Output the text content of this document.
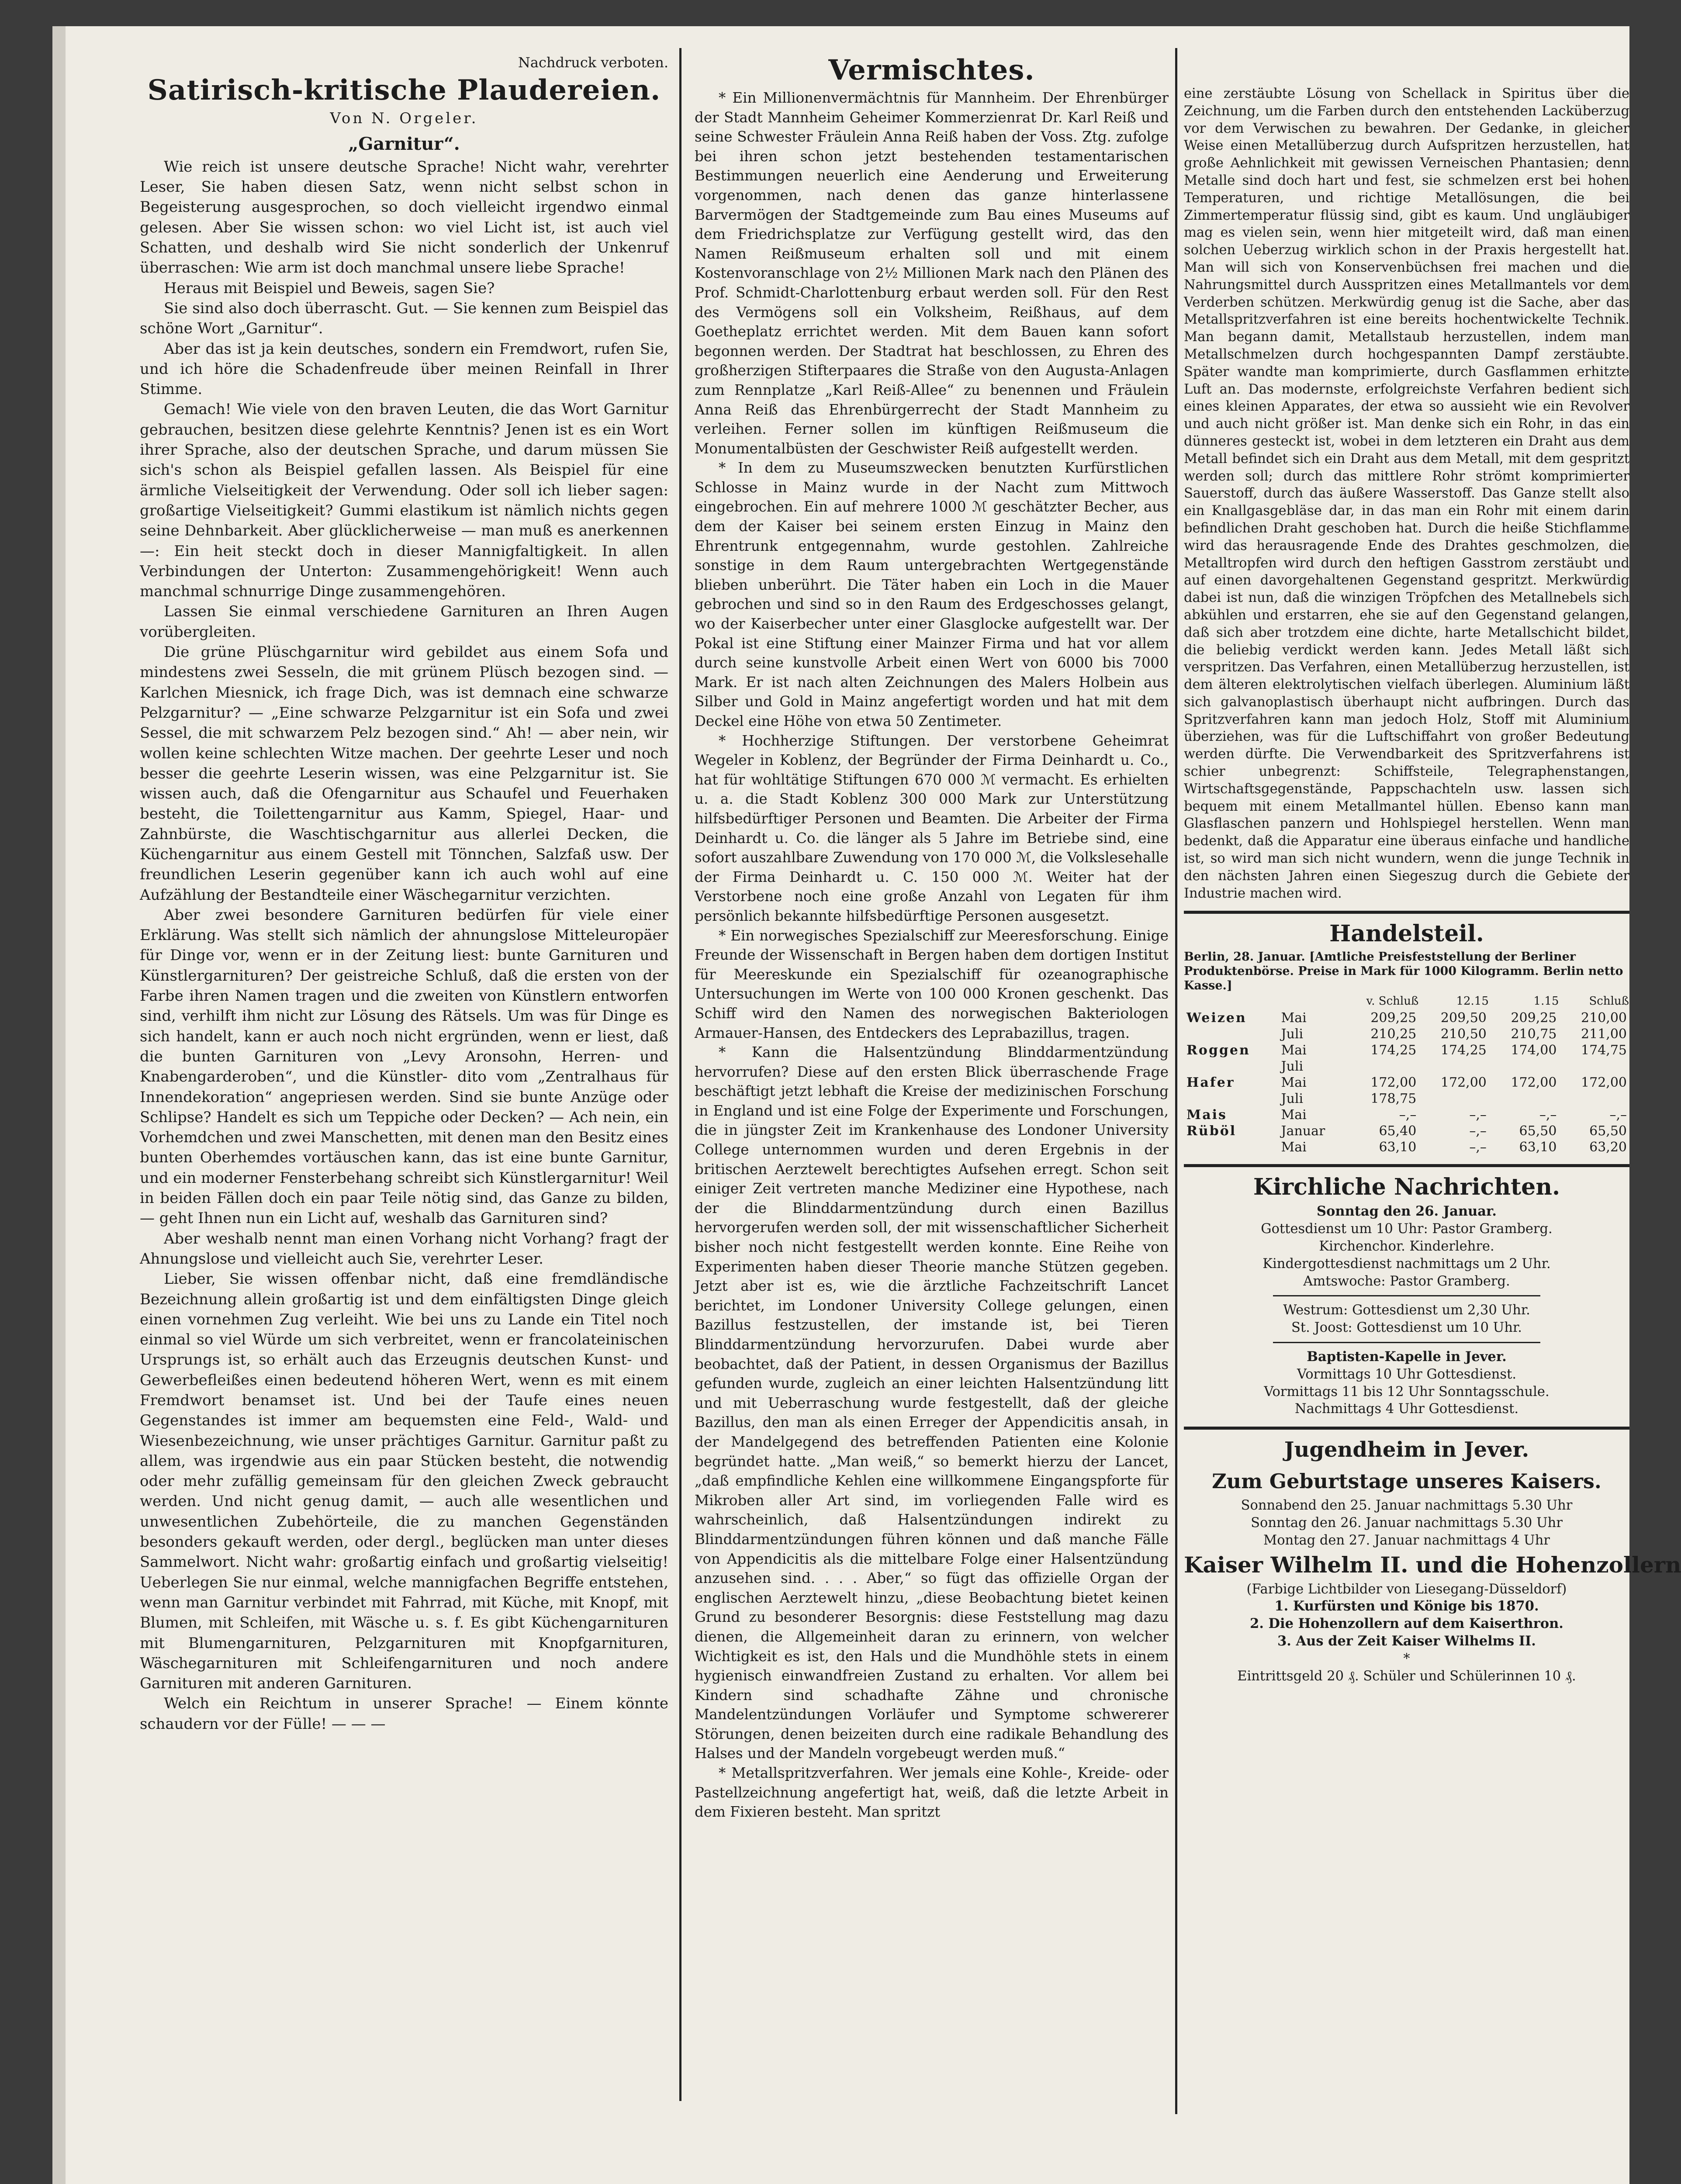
Nachdruck verboten.
Satirisch-kritische Plaudereien.
Von N. Orgeler.
„Garnitur“.

Wie reich ist unsere deutsche Sprache! Nicht wahr, verehrter Leser, Sie haben diesen Satz, wenn nicht selbst schon in Begeisterung ausgesprochen, so doch vielleicht irgendwo einmal gelesen. Aber Sie wissen schon: wo viel Licht ist, ist auch viel Schatten, und deshalb wird Sie nicht sonderlich der Unkenruf überraschen: Wie arm ist doch manchmal unsere liebe Sprache!

Heraus mit Beispiel und Beweis, sagen Sie?

Sie sind also doch überrascht. Gut. — Sie kennen zum Beispiel das schöne Wort „Garnitur“.

Aber das ist ja kein deutsches, sondern ein Fremdwort, rufen Sie, und ich höre die Schadenfreude über meinen Reinfall in Ihrer Stimme.

Gemach! Wie viele von den braven Leuten, die das Wort Garnitur gebrauchen, besitzen diese gelehrte Kenntnis? Jenen ist es ein Wort ihrer Sprache, also der deutschen Sprache, und darum müssen Sie sich's schon als Beispiel gefallen lassen. Als Beispiel für eine ärmliche Vielseitigkeit der Verwendung. Oder soll ich lieber sagen: großartige Vielseitigkeit? Gummi elastikum ist nämlich nichts gegen seine Dehnbarkeit. Aber glücklicherweise — man muß es anerkennen —: Ein heit steckt doch in dieser Mannigfaltigkeit. In allen Verbindungen der Unterton: Zusammengehörigkeit! Wenn auch manchmal schnurrige Dinge zusammengehören.

Lassen Sie einmal verschiedene Garnituren an Ihren Augen vorübergleiten.

Die grüne Plüschgarnitur wird gebildet aus einem Sofa und mindestens zwei Sesseln, die mit grünem Plüsch bezogen sind. — Karlchen Miesnick, ich frage Dich, was ist demnach eine schwarze Pelzgarnitur? — „Eine schwarze Pelzgarnitur ist ein Sofa und zwei Sessel, die mit schwarzem Pelz bezogen sind.“ Ah! — aber nein, wir wollen keine schlechten Witze machen. Der geehrte Leser und noch besser die geehrte Leserin wissen, was eine Pelzgarnitur ist. Sie wissen auch, daß die Ofengarnitur aus Schaufel und Feuerhaken besteht, die Toilettengarnitur aus Kamm, Spiegel, Haar- und Zahnbürste, die Waschtischgarnitur aus allerlei Decken, die Küchengarnitur aus einem Gestell mit Tönnchen, Salzfaß usw. Der freundlichen Leserin gegenüber kann ich auch wohl auf eine Aufzählung der Bestandteile einer Wäschegarnitur verzichten.

Aber zwei besondere Garnituren bedürfen für viele einer Erklärung. Was stellt sich nämlich der ahnungslose Mitteleuropäer für Dinge vor, wenn er in der Zeitung liest: bunte Garnituren und Künstlergarnituren? Der geistreiche Schluß, daß die ersten von der Farbe ihren Namen tragen und die zweiten von Künstlern entworfen sind, verhilft ihm nicht zur Lösung des Rätsels. Um was für Dinge es sich handelt, kann er auch noch nicht ergründen, wenn er liest, daß die bunten Garnituren von „Levy Aronsohn, Herren- und Knabengarderoben“, und die Künstler- dito vom „Zentralhaus für Innendekoration“ angepriesen werden. Sind sie bunte Anzüge oder Schlipse? Handelt es sich um Teppiche oder Decken? — Ach nein, ein Vorhemdchen und zwei Manschetten, mit denen man den Besitz eines bunten Oberhemdes vortäuschen kann, das ist eine bunte Garnitur, und ein moderner Fensterbehang schreibt sich Künstlergarnitur! Weil in beiden Fällen doch ein paar Teile nötig sind, das Ganze zu bilden, — geht Ihnen nun ein Licht auf, weshalb das Garnituren sind?

Aber weshalb nennt man einen Vorhang nicht Vorhang? fragt der Ahnungslose und vielleicht auch Sie, verehrter Leser.

Lieber, Sie wissen offenbar nicht, daß eine fremdländische Bezeichnung allein großartig ist und dem einfältigsten Dinge gleich einen vornehmen Zug verleiht. Wie bei uns zu Lande ein Titel noch einmal so viel Würde um sich verbreitet, wenn er francolateinischen Ursprungs ist, so erhält auch das Erzeugnis deutschen Kunst- und Gewerbefleißes einen bedeutend höheren Wert, wenn es mit einem Fremdwort benamset ist. Und bei der Taufe eines neuen Gegenstandes ist immer am bequemsten eine Feld-, Wald- und Wiesenbezeichnung, wie unser prächtiges Garnitur. Garnitur paßt zu allem, was irgendwie aus ein paar Stücken besteht, die notwendig oder mehr zufällig gemeinsam für den gleichen Zweck gebraucht werden. Und nicht genug damit, — auch alle wesentlichen und unwesentlichen Zubehörteile, die zu manchen Gegenständen besonders gekauft werden, oder dergl., beglücken man unter dieses Sammelwort. Nicht wahr: großartig einfach und großartig vielseitig! Ueberlegen Sie nur einmal, welche mannigfachen Begriffe entstehen, wenn man Garnitur verbindet mit Fahrrad, mit Küche, mit Knopf, mit Blumen, mit Schleifen, mit Wäsche u. s. f. Es gibt Küchengarnituren mit Blumengarnituren, Pelzgarnituren mit Knopfgarnituren, Wäschegarnituren mit Schleifengarnituren und noch andere Garnituren mit anderen Garnituren.

Welch ein Reichtum in unserer Sprache! — Einem könnte schaudern vor der Fülle! — — —

Vermischtes.

* Ein Millionenvermächtnis für Mannheim. Der Ehrenbürger der Stadt Mannheim Geheimer Kommerzienrat Dr. Karl Reiß und seine Schwester Fräulein Anna Reiß haben der Voss. Ztg. zufolge bei ihren schon jetzt bestehenden testamentarischen Bestimmungen neuerlich eine Aenderung und Erweiterung vorgenommen, nach denen das ganze hinterlassene Barvermögen der Stadtgemeinde zum Bau eines Museums auf dem Friedrichsplatze zur Verfügung gestellt wird, das den Namen Reißmuseum erhalten soll und mit einem Kostenvoranschlage von 2½ Millionen Mark nach den Plänen des Prof. Schmidt-Charlottenburg erbaut werden soll. Für den Rest des Vermögens soll ein Volksheim, Reißhaus, auf dem Goetheplatz errichtet werden. Mit dem Bauen kann sofort begonnen werden. Der Stadtrat hat beschlossen, zu Ehren des großherzigen Stifterpaares die Straße von den Augusta-Anlagen zum Rennplatze „Karl Reiß-Allee“ zu benennen und Fräulein Anna Reiß das Ehrenbürgerrecht der Stadt Mannheim zu verleihen. Ferner sollen im künftigen Reißmuseum die Monumentalbüsten der Geschwister Reiß aufgestellt werden.

* In dem zu Museumszwecken benutzten Kurfürstlichen Schlosse in Mainz wurde in der Nacht zum Mittwoch eingebrochen. Ein auf mehrere 1000 ℳ geschätzter Becher, aus dem der Kaiser bei seinem ersten Einzug in Mainz den Ehrentrunk entgegennahm, wurde gestohlen. Zahlreiche sonstige in dem Raum untergebrachten Wertgegenstände blieben unberührt. Die Täter haben ein Loch in die Mauer gebrochen und sind so in den Raum des Erdgeschosses gelangt, wo der Kaiserbecher unter einer Glasglocke aufgestellt war. Der Pokal ist eine Stiftung einer Mainzer Firma und hat vor allem durch seine kunstvolle Arbeit einen Wert von 6000 bis 7000 Mark. Er ist nach alten Zeichnungen des Malers Holbein aus Silber und Gold in Mainz angefertigt worden und hat mit dem Deckel eine Höhe von etwa 50 Zentimeter.

* Hochherzige Stiftungen. Der verstorbene Geheimrat Wegeler in Koblenz, der Begründer der Firma Deinhardt u. Co., hat für wohltätige Stiftungen 670 000 ℳ vermacht. Es erhielten u. a. die Stadt Koblenz 300 000 Mark zur Unterstützung hilfsbedürftiger Personen und Beamten. Die Arbeiter der Firma Deinhardt u. Co. die länger als 5 Jahre im Betriebe sind, eine sofort auszahlbare Zuwendung von 170 000 ℳ, die Volkslesehalle der Firma Deinhardt u. C. 150 000 ℳ. Weiter hat der Verstorbene noch eine große Anzahl von Legaten für ihm persönlich bekannte hilfsbedürftige Personen ausgesetzt.

* Ein norwegisches Spezialschiff zur Meeresforschung. Einige Freunde der Wissenschaft in Bergen haben dem dortigen Institut für Meereskunde ein Spezialschiff für ozeanographische Untersuchungen im Werte von 100 000 Kronen geschenkt. Das Schiff wird den Namen des norwegischen Bakteriologen Armauer-Hansen, des Entdeckers des Leprabazillus, tragen.

* Kann die Halsentzündung Blinddarmentzündung hervorrufen? Diese auf den ersten Blick überraschende Frage beschäftigt jetzt lebhaft die Kreise der medizinischen Forschung in England und ist eine Folge der Experimente und Forschungen, die in jüngster Zeit im Krankenhause des Londoner University College unternommen wurden und deren Ergebnis in der britischen Aerztewelt berechtigtes Aufsehen erregt. Schon seit einiger Zeit vertreten manche Mediziner eine Hypothese, nach der die Blinddarmentzündung durch einen Bazillus hervorgerufen werden soll, der mit wissenschaftlicher Sicherheit bisher noch nicht festgestellt werden konnte. Eine Reihe von Experimenten haben dieser Theorie manche Stützen gegeben. Jetzt aber ist es, wie die ärztliche Fachzeitschrift Lancet berichtet, im Londoner University College gelungen, einen Bazillus festzustellen, der imstande ist, bei Tieren Blinddarmentzündung hervorzurufen. Dabei wurde aber beobachtet, daß der Patient, in dessen Organismus der Bazillus gefunden wurde, zugleich an einer leichten Halsentzündung litt und mit Ueberraschung wurde festgestellt, daß der gleiche Bazillus, den man als einen Erreger der Appendicitis ansah, in der Mandelgegend des betreffenden Patienten eine Kolonie begründet hatte. „Man weiß,“ so bemerkt hierzu der Lancet, „daß empfindliche Kehlen eine willkommene Eingangspforte für Mikroben aller Art sind, im vorliegenden Falle wird es wahrscheinlich, daß Halsentzündungen indirekt zu Blinddarmentzündungen führen können und daß manche Fälle von Appendicitis als die mittelbare Folge einer Halsentzündung anzusehen sind. . . . Aber,“ so fügt das offizielle Organ der englischen Aerztewelt hinzu, „diese Beobachtung bietet keinen Grund zu besonderer Besorgnis: diese Feststellung mag dazu dienen, die Allgemeinheit daran zu erinnern, von welcher Wichtigkeit es ist, den Hals und die Mundhöhle stets in einem hygienisch einwandfreien Zustand zu erhalten. Vor allem bei Kindern sind schadhafte Zähne und chronische Mandelentzündungen Vorläufer und Symptome schwererer Störungen, denen beizeiten durch eine radikale Behandlung des Halses und der Mandeln vorgebeugt werden muß.“

* Metallspritzverfahren. Wer jemals eine Kohle-, Kreide- oder Pastellzeichnung angefertigt hat, weiß, daß die letzte Arbeit in dem Fixieren besteht. Man spritzt

eine zerstäubte Lösung von Schellack in Spiritus über die Zeichnung, um die Farben durch den entstehenden Lacküberzug vor dem Verwischen zu bewahren. Der Gedanke, in gleicher Weise einen Metallüberzug durch Aufspritzen herzustellen, hat große Aehnlichkeit mit gewissen Verneischen Phantasien; denn Metalle sind doch hart und fest, sie schmelzen erst bei hohen Temperaturen, und richtige Metallösungen, die bei Zimmertemperatur flüssig sind, gibt es kaum. Und ungläubiger mag es vielen sein, wenn hier mitgeteilt wird, daß man einen solchen Ueberzug wirklich schon in der Praxis hergestellt hat. Man will sich von Konservenbüchsen frei machen und die Nahrungsmittel durch Ausspritzen eines Metallmantels vor dem Verderben schützen. Merkwürdig genug ist die Sache, aber das Metallspritzverfahren ist eine bereits hochentwickelte Technik. Man begann damit, Metallstaub herzustellen, indem man Metallschmelzen durch hochgespannten Dampf zerstäubte. Später wandte man komprimierte, durch Gasflammen erhitzte Luft an. Das modernste, erfolgreichste Verfahren bedient sich eines kleinen Apparates, der etwa so aussieht wie ein Revolver und auch nicht größer ist. Man denke sich ein Rohr, in das ein dünneres gesteckt ist, wobei in dem letzteren ein Draht aus dem Metall befindet sich ein Draht aus dem Metall, mit dem gespritzt werden soll; durch das mittlere Rohr strömt komprimierter Sauerstoff, durch das äußere Wasserstoff. Das Ganze stellt also ein Knallgasgebläse dar, in das man ein Rohr mit einem darin befindlichen Draht geschoben hat. Durch die heiße Stichflamme wird das herausragende Ende des Drahtes geschmolzen, die Metalltropfen wird durch den heftigen Gasstrom zerstäubt und auf einen davorgehaltenen Gegenstand gespritzt. Merkwürdig dabei ist nun, daß die winzigen Tröpfchen des Metallnebels sich abkühlen und erstarren, ehe sie auf den Gegenstand gelangen, daß sich aber trotzdem eine dichte, harte Metallschicht bildet, die beliebig verdickt werden kann. Jedes Metall läßt sich verspritzen. Das Verfahren, einen Metallüberzug herzustellen, ist dem älteren elektrolytischen vielfach überlegen. Aluminium läßt sich galvanoplastisch überhaupt nicht aufbringen. Durch das Spritzverfahren kann man jedoch Holz, Stoff mit Aluminium überziehen, was für die Luftschiffahrt von großer Bedeutung werden dürfte. Die Verwendbarkeit des Spritzverfahrens ist schier unbegrenzt: Schiffsteile, Telegraphenstangen, Wirtschaftsgegenstände, Pappschachteln usw. lassen sich bequem mit einem Metallmantel hüllen. Ebenso kann man Glasflaschen panzern und Hohlspiegel herstellen. Wenn man bedenkt, daß die Apparatur eine überaus einfache und handliche ist, so wird man sich nicht wundern, wenn die junge Technik in den nächsten Jahren einen Siegeszug durch die Gebiete der Industrie machen wird.

Handelsteil.
Berlin, 28. Januar. [Amtliche Preisfeststellung der Berliner Produktenbörse. Preise in Mark für 1000 Kilogramm. Berlin netto Kasse.]
		v. Schluß	12.15	1.15	Schluß
Weizen	Mai	209,25	209,50	209,25	210,00
	Juli	210,25	210,50	210,75	211,00
Roggen	Mai	174,25	174,25	174,00	174,75
	Juli				
Hafer	Mai	172,00	172,00	172,00	172,00
	Juli	178,75			
Mais	Mai	–,–	–,–	–,–	–,–
Rüböl	Januar	65,40	–,–	65,50	65,50
	Mai	63,10	–,–	63,10	63,20
Kirchliche Nachrichten.
Sonntag den 26. Januar.
Gottesdienst um 10 Uhr: Pastor Gramberg.
Kirchenchor. Kinderlehre.
Kindergottesdienst nachmittags um 2 Uhr.
Amtswoche: Pastor Gramberg.
Westrum: Gottesdienst um 2,30 Uhr.
St. Joost: Gottesdienst um 10 Uhr.
Baptisten-Kapelle in Jever.
Vormittags 10 Uhr Gottesdienst.
Vormittags 11 bis 12 Uhr Sonntagsschule.
Nachmittags 4 Uhr Gottesdienst.
Jugendheim in Jever.
Zum Geburtstage unseres Kaisers.
Sonnabend den 25. Januar nachmittags 5.30 Uhr
Sonntag den 26. Januar nachmittags 5.30 Uhr
Montag den 27. Januar nachmittags 4 Uhr
Kaiser Wilhelm II. und die Hohenzollern
(Farbige Lichtbilder von Liesegang-Düsseldorf)
1. Kurfürsten und Könige bis 1870.
2. Die Hohenzollern auf dem Kaiserthron.
3. Aus der Zeit Kaiser Wilhelms II.
*
Eintrittsgeld 20 ₰. Schüler und Schülerinnen 10 ₰.
